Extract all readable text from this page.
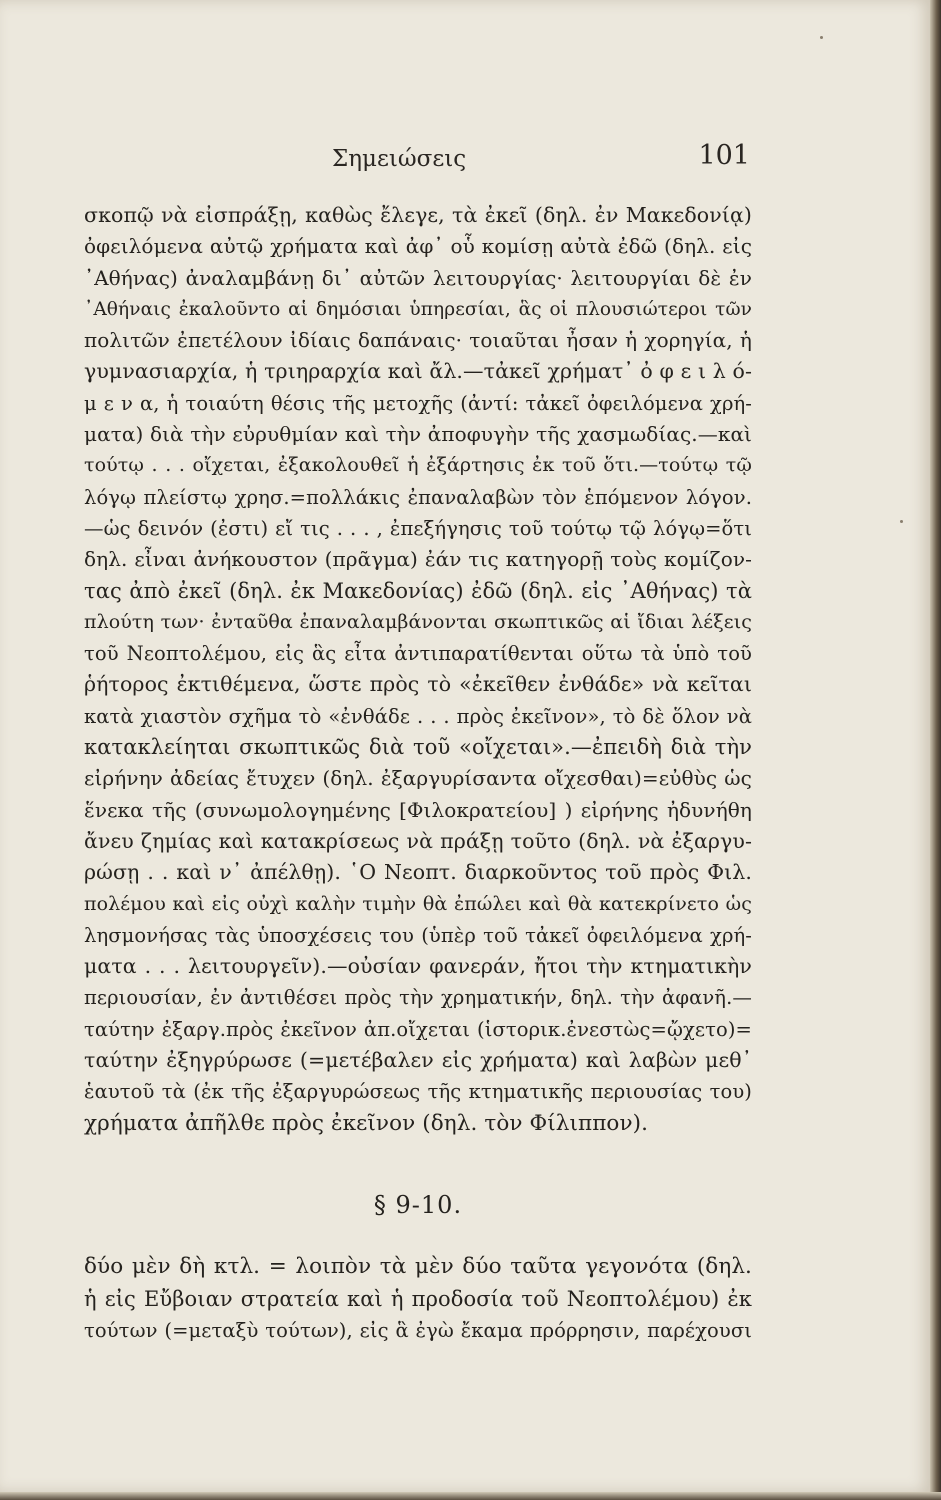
Σημειώσεις	101
σκοπῷ νὰ εἰσπράξῃ, καθὼς ἔλεγε, τὰ ἐκεῖ (δηλ. ἐν Μακεδονίᾳ)
ὀφειλόμενα αὐτῷ χρήματα καὶ ἀφ᾽ οὗ κομίσῃ αὐτὰ ἐδῶ (δηλ. εἰς
᾽Αθήνας) ἀναλαμβάνῃ δι᾽ αὐτῶν λειτουργίας· λειτουργίαι δὲ ἐν
᾽Αθήναις ἐκαλοῦντο αἱ δημόσιαι ὑπηρεσίαι, ἃς οἱ πλουσιώτεροι τῶν
πολιτῶν ἐπετέλουν ἰδίαις δαπάναις· τοιαῦται ἦσαν ἡ χορηγία, ἡ
γυμνασιαρχία, ἡ τριηραρχία καὶ ἄλ.—τἀκεῖ χρήματ᾽ ὀ φ ε ι λ ό-
μ ε ν α, ἡ τοιαύτη θέσις τῆς μετοχῆς (ἀντί: τἀκεῖ ὀφειλόμενα χρή-
ματα) διὰ τὴν εὐρυθμίαν καὶ τὴν ἀποφυγὴν τῆς χασμωδίας.—καὶ
τούτῳ . . . οἴχεται, ἐξακολουθεῖ ἡ ἐξάρτησις ἐκ τοῦ ὅτι.—τούτῳ τῷ
λόγῳ πλείστῳ χρησ.=πολλάκις ἐπαναλαβὼν τὸν ἑπόμενον λόγον.
—ὡς δεινόν (ἐστι) εἴ τις . . . , ἐπεξήγησις τοῦ τούτῳ τῷ λόγῳ=ὅτι
δηλ. εἶναι ἀνήκουστον (πρᾶγμα) ἐάν τις κατηγορῇ τοὺς κομίζον-
τας ἀπὸ ἐκεῖ (δηλ. ἐκ Μακεδονίας) ἐδῶ (δηλ. εἰς ᾽Αθήνας) τὰ
πλούτη των· ἐνταῦθα ἐπαναλαμβάνονται σκωπτικῶς αἱ ἴδιαι λέξεις
τοῦ Νεοπτολέμου, εἰς ἃς εἶτα ἀντιπαρατίθενται οὕτω τὰ ὑπὸ τοῦ
ῥήτορος ἐκτιθέμενα, ὥστε πρὸς τὸ «ἐκεῖθεν ἐνθάδε» νὰ κεῖται
κατὰ χιαστὸν σχῆμα τὸ «ἐνθάδε . . . πρὸς ἐκεῖνον», τὸ δὲ ὅλον νὰ
κατακλείηται σκωπτικῶς διὰ τοῦ «οἴχεται».—ἐπειδὴ διὰ τὴν
εἰρήνην ἀδείας ἔτυχεν (δηλ. ἐξαργυρίσαντα οἴχεσθαι)=εὐθὺς ὡς
ἕνεκα τῆς (συνωμολογημένης [Φιλοκρατείου] ) εἰρήνης ἠδυνήθη
ἄνευ ζημίας καὶ κατακρίσεως νὰ πράξῃ τοῦτο (δηλ. νὰ ἐξαργυ-
ρώσῃ . . καὶ ν᾽ ἀπέλθῃ). ῾Ο Νεοπτ. διαρκοῦντος τοῦ πρὸς Φιλ.
πολέμου καὶ εἰς οὐχὶ καλὴν τιμὴν θὰ ἐπώλει καὶ θὰ κατεκρίνετο ὡς
λησμονήσας τὰς ὑποσχέσεις του (ὑπὲρ τοῦ τἀκεῖ ὀφειλόμενα χρή-
ματα . . . λειτουργεῖν).—οὐσίαν φανεράν, ἤτοι τὴν κτηματικὴν
περιουσίαν, ἐν ἀντιθέσει πρὸς τὴν χρηματικήν, δηλ. τὴν ἀφανῆ.—
ταύτην ἐξαργ.πρὸς ἐκεῖνον ἀπ.οἴχεται (ἱστορικ.ἐνεστὼς=ᾤχετο)=
ταύτην ἐξηγρύρωσε (=μετέβαλεν εἰς χρήματα) καὶ λαβὼν μεθ᾽
ἑαυτοῦ τὰ (ἐκ τῆς ἐξαργυρώσεως τῆς κτηματικῆς περιουσίας του)
χρήματα ἀπῆλθε πρὸς ἐκεῖνον (δηλ. τὸν Φίλιππον).
§ 9-10.
δύο μὲν δὴ κτλ. = λοιπὸν τὰ μὲν δύο ταῦτα γεγονότα (δηλ.
ἡ εἰς Εὔβοιαν στρατεία καὶ ἡ προδοσία τοῦ Νεοπτολέμου) ἐκ
τούτων (=μεταξὺ τούτων), εἰς ἃ ἐγὼ ἔκαμα πρόρρησιν, παρέχουσι
